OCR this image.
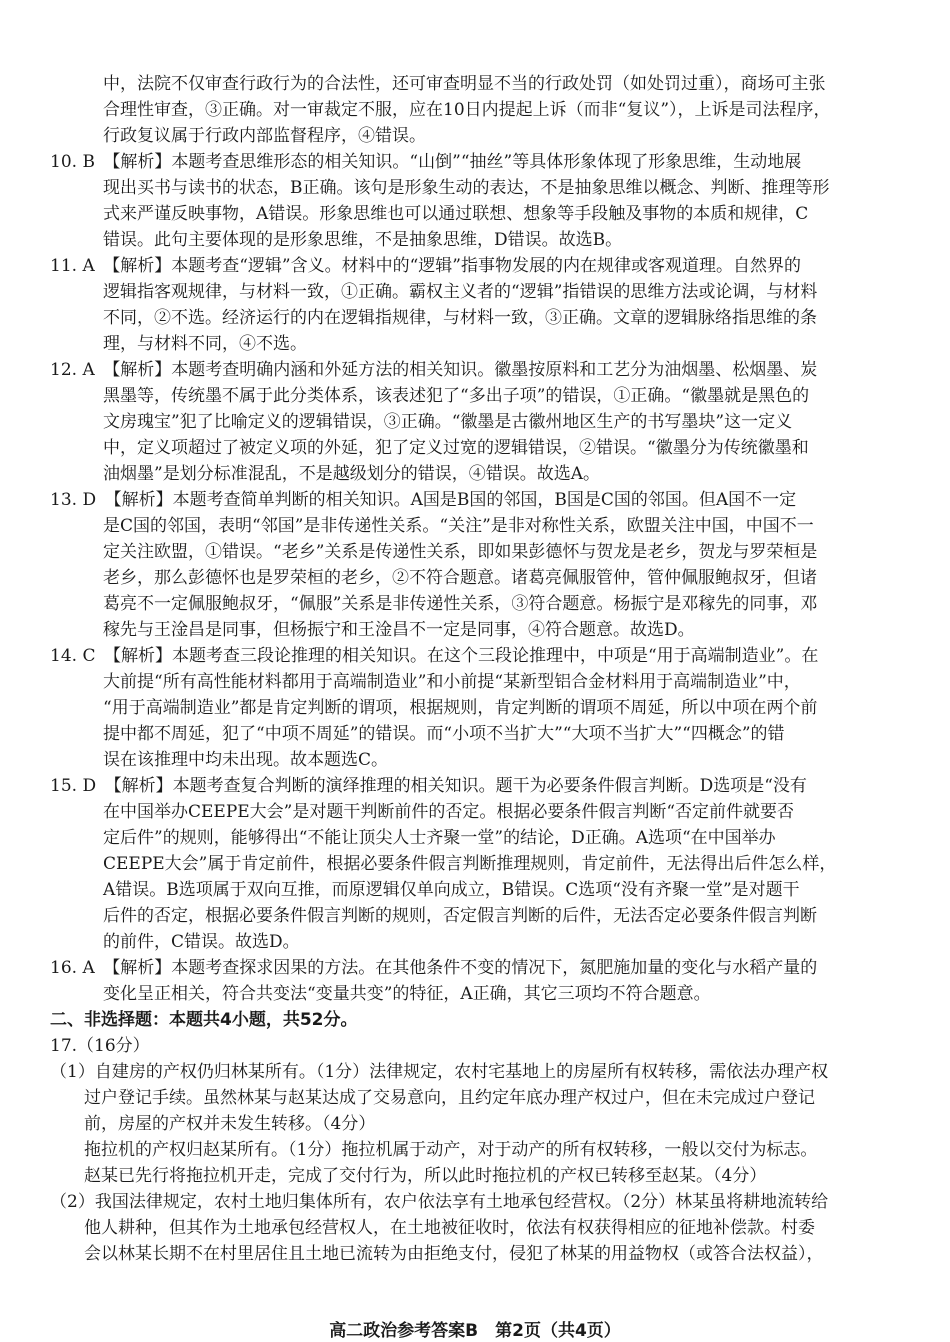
中，法院不仅审查行政行为的合法性，还可审查明显不当的行政处罚（如处罚过重），商场可主张
合理性审查，③正确。对一审裁定不服，应在10日内提起上诉（而非“复议”），上诉是司法程序，
行政复议属于行政内部监督程序，④错误。
10. B　【解析】本题考查思维形态的相关知识。“山倒”“抽丝”等具体形象体现了形象思维，生动地展
现出买书与读书的状态，B正确。该句是形象生动的表达，不是抽象思维以概念、判断、推理等形
式来严谨反映事物，A错误。形象思维也可以通过联想、想象等手段触及事物的本质和规律，C
错误。此句主要体现的是形象思维，不是抽象思维，D错误。故选B。
11. A　【解析】本题考查“逻辑”含义。材料中的“逻辑”指事物发展的内在规律或客观道理。自然界的
逻辑指客观规律，与材料一致，①正确。霸权主义者的“逻辑”指错误的思维方法或论调，与材料
不同，②不选。经济运行的内在逻辑指规律，与材料一致，③正确。文章的逻辑脉络指思维的条
理，与材料不同，④不选。
12. A　【解析】本题考查明确内涵和外延方法的相关知识。徽墨按原料和工艺分为油烟墨、松烟墨、炭
黑墨等，传统墨不属于此分类体系，该表述犯了“多出子项”的错误，①正确。“徽墨就是黑色的
文房瑰宝”犯了比喻定义的逻辑错误，③正确。“徽墨是古徽州地区生产的书写墨块”这一定义
中，定义项超过了被定义项的外延，犯了定义过宽的逻辑错误，②错误。“徽墨分为传统徽墨和
油烟墨”是划分标准混乱，不是越级划分的错误，④错误。故选A。
13. D　【解析】本题考查简单判断的相关知识。A国是B国的邻国，B国是C国的邻国。但A国不一定
是C国的邻国，表明“邻国”是非传递性关系。“关注”是非对称性关系，欧盟关注中国，中国不一
定关注欧盟，①错误。“老乡”关系是传递性关系，即如果彭德怀与贺龙是老乡，贺龙与罗荣桓是
老乡，那么彭德怀也是罗荣桓的老乡，②不符合题意。诸葛亮佩服管仲，管仲佩服鲍叔牙，但诸
葛亮不一定佩服鲍叔牙，“佩服”关系是非传递性关系，③符合题意。杨振宁是邓稼先的同事，邓
稼先与王淦昌是同事，但杨振宁和王淦昌不一定是同事，④符合题意。故选D。
14. C　【解析】本题考查三段论推理的相关知识。在这个三段论推理中，中项是“用于高端制造业”。在
大前提“所有高性能材料都用于高端制造业”和小前提“某新型铝合金材料用于高端制造业”中，
“用于高端制造业”都是肯定判断的谓项，根据规则，肯定判断的谓项不周延，所以中项在两个前
提中都不周延，犯了“中项不周延”的错误。而“小项不当扩大”“大项不当扩大”“四概念”的错
误在该推理中均未出现。故本题选C。
15. D　【解析】本题考查复合判断的演绎推理的相关知识。题干为必要条件假言判断。D选项是“没有
在中国举办CEEPE大会”是对题干判断前件的否定。根据必要条件假言判断“否定前件就要否
定后件”的规则，能够得出“不能让顶尖人士齐聚一堂”的结论，D正确。A选项“在中国举办
CEEPE大会”属于肯定前件，根据必要条件假言判断推理规则，肯定前件，无法得出后件怎么样，
A错误。B选项属于双向互推，而原逻辑仅单向成立，B错误。C选项“没有齐聚一堂”是对题干
后件的否定，根据必要条件假言判断的规则，否定假言判断的后件，无法否定必要条件假言判断
的前件，C错误。故选D。
16. A　【解析】本题考查探求因果的方法。在其他条件不变的情况下，氮肥施加量的变化与水稻产量的
变化呈正相关，符合共变法“变量共变”的特征，A正确，其它三项均不符合题意。
二、非选择题：本题共4小题，共52分。
17.（16分）
（1）自建房的产权仍归林某所有。（1分）法律规定，农村宅基地上的房屋所有权转移，需依法办理产权
过户登记手续。虽然林某与赵某达成了交易意向，且约定年底办理产权过户，但在未完成过户登记
前，房屋的产权并未发生转移。（4分）
拖拉机的产权归赵某所有。（1分）拖拉机属于动产，对于动产的所有权转移，一般以交付为标志。
赵某已先行将拖拉机开走，完成了交付行为，所以此时拖拉机的产权已转移至赵某。（4分）
（2）我国法律规定，农村土地归集体所有，农户依法享有土地承包经营权。（2分）林某虽将耕地流转给
他人耕种，但其作为土地承包经营权人，在土地被征收时，依法有权获得相应的征地补偿款。村委
会以林某长期不在村里居住且土地已流转为由拒绝支付，侵犯了林某的用益物权（或答合法权益），
高二政治参考答案B　第2页（共4页）
